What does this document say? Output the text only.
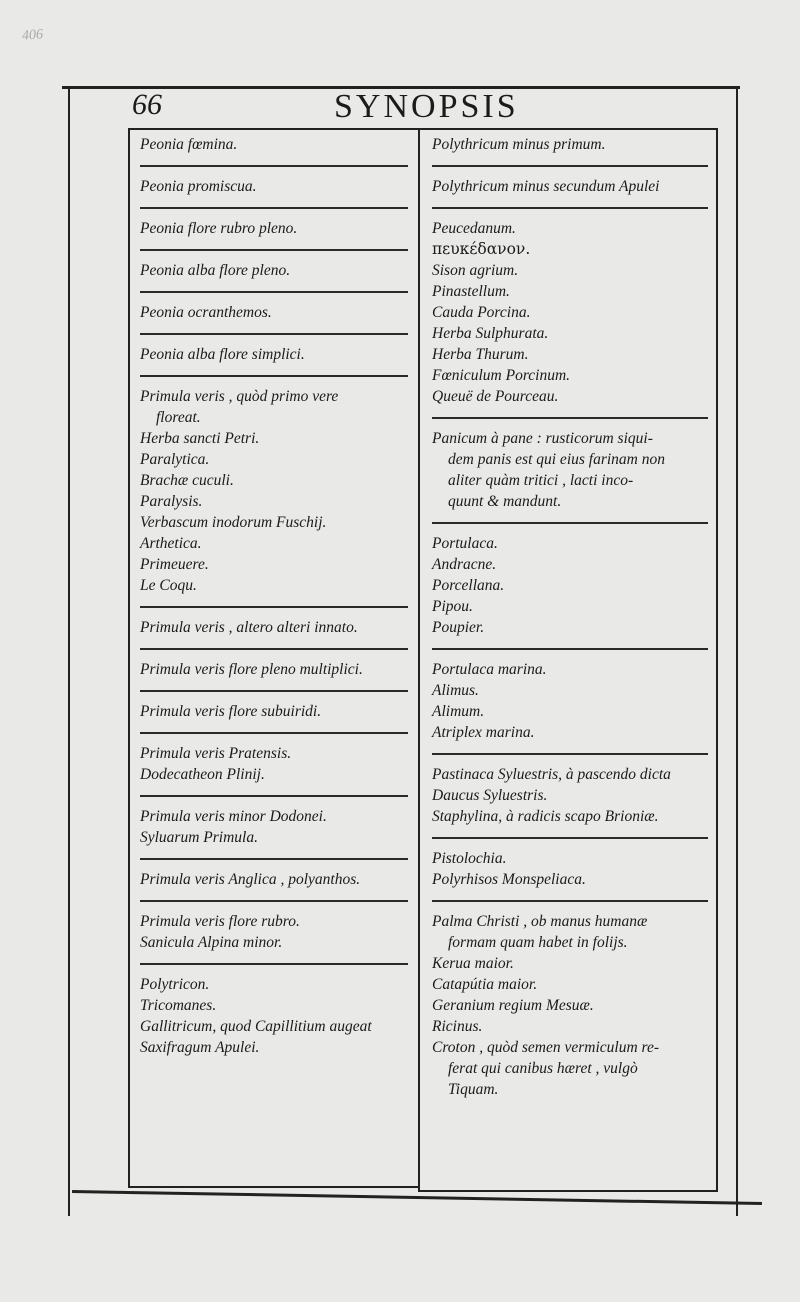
406
66	SYNOPSIS
Peonia fœmina.
Peonia promiscua.
Peonia flore rubro pleno.
Peonia alba flore pleno.
Peonia ocranthemos.
Peonia alba flore simplici.
Primula veris , quòd primo vere
floreat.
Herba sancti Petri.
Paralytica.
Brachæ cuculi.
Paralysis.
Verbascum inodorum Fuschij.
Arthetica.
Primeuere.
Le Coqu.
Primula veris , altero alteri innato.
Primula veris flore pleno multiplici.
Primula veris flore subuiridi.
Primula veris Pratensis.
Dodecatheon Plinij.
Primula veris minor Dodonei.
Syluarum Primula.
Primula veris Anglica , polyanthos.
Primula veris flore rubro.
Sanicula Alpina minor.
Polytricon.
Tricomanes.
Gallitricum, quod Capillitium augeat
Saxifragum Apulei.
Polythricum minus primum.
Polythricum minus secundum Apulei
Peucedanum.
πευκέδανον.
Sison agrium.
Pinastellum.
Cauda Porcina.
Herba Sulphurata.
Herba Thurum.
Fœniculum Porcinum.
Queuë de Pourceau.
Panicum à pane : rusticorum siqui-
dem panis est qui eius farinam non
aliter quàm tritici , lacti inco-
quunt & mandunt.
Portulaca.
Andracne.
Porcellana.
Pipou.
Poupier.
Portulaca marina.
Alimus.
Alimum.
Atriplex marina.
Pastinaca Syluestris, à pascendo dicta
Daucus Syluestris.
Staphylina, à radicis scapo Brioniæ.
Pistolochia.
Polyrhisos Monspeliaca.
Palma Christi , ob manus humanæ
formam quam habet in folijs.
Kerua maior.
Catapútia maior.
Geranium regium Mesuæ.
Ricinus.
Croton , quòd semen vermiculum re-
ferat qui canibus hæret , vulgò
Tiquam.
